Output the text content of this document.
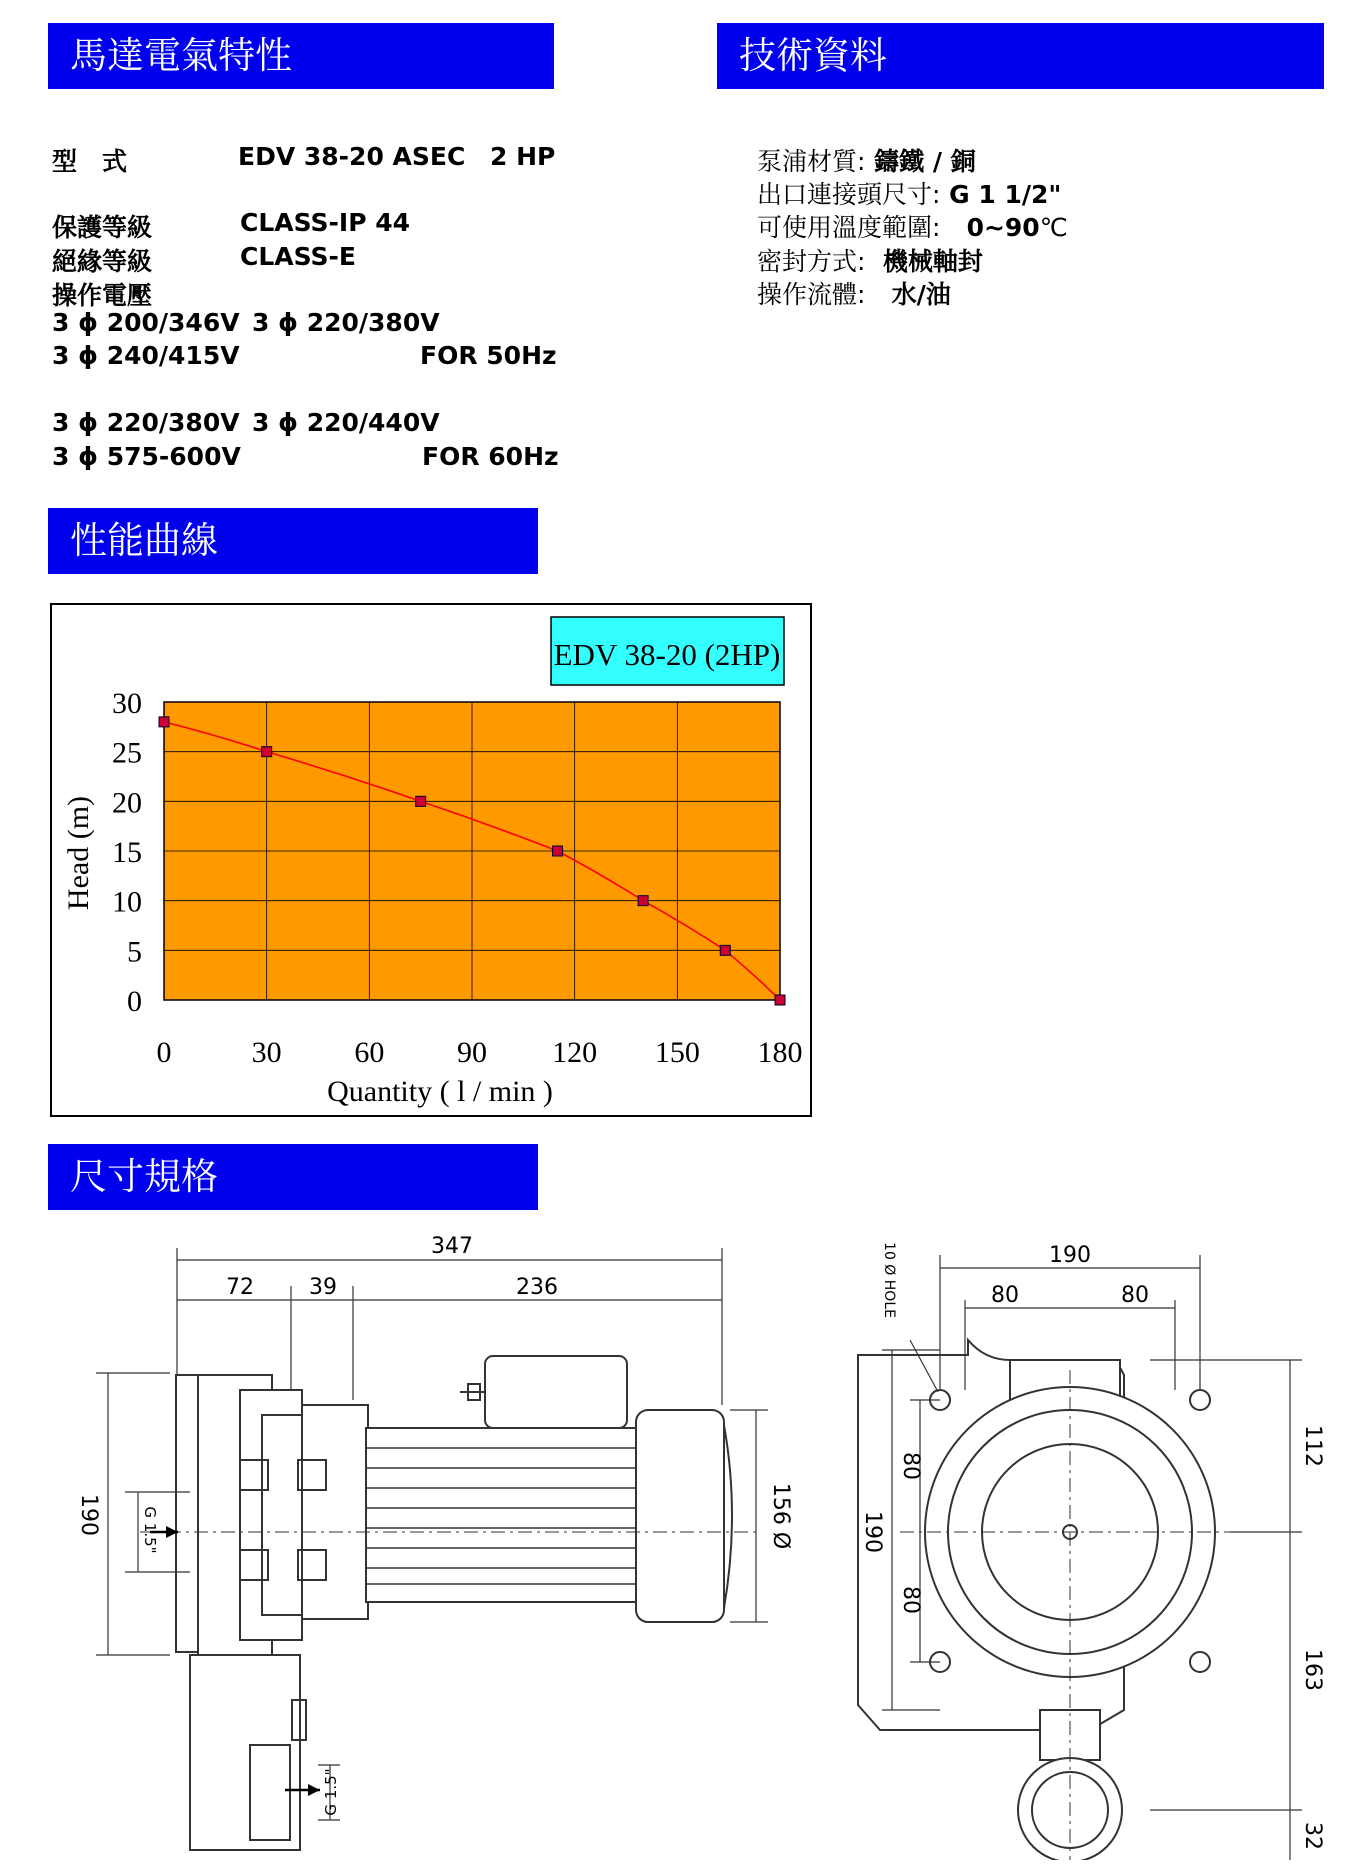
馬達電氣特性	技術資料
性能曲線
尺寸規格
型　式	EDV 38-20 ASEC 2 HP
保護等級	CLASS-IP 44
絕緣等級	CLASS-E
操作電壓
3 ϕ 200/346V 3 ϕ 220/380V
3 ϕ 240/415V	FOR 50Hz
3 ϕ 220/380V 3 ϕ 220/440V
3 ϕ 575-600V	FOR 60Hz
泵浦材質: 鑄鐵 / 銅
出口連接頭尺寸: G 1 1/2"
可使用溫度範圍: 0~90℃
密封方式: 機械軸封
操作流體: 水/油
EDV 38-20 (2HP)
0	30 60 90 120 150 180
0
5
10
15
20
25
30
Quantity ( l / min )
Head (m)
347
72	39	236
190	G 1.5"
G 1.5"
156 Ø
190
80	80
10 Ø HOLE
190
80
80
112
163
32
